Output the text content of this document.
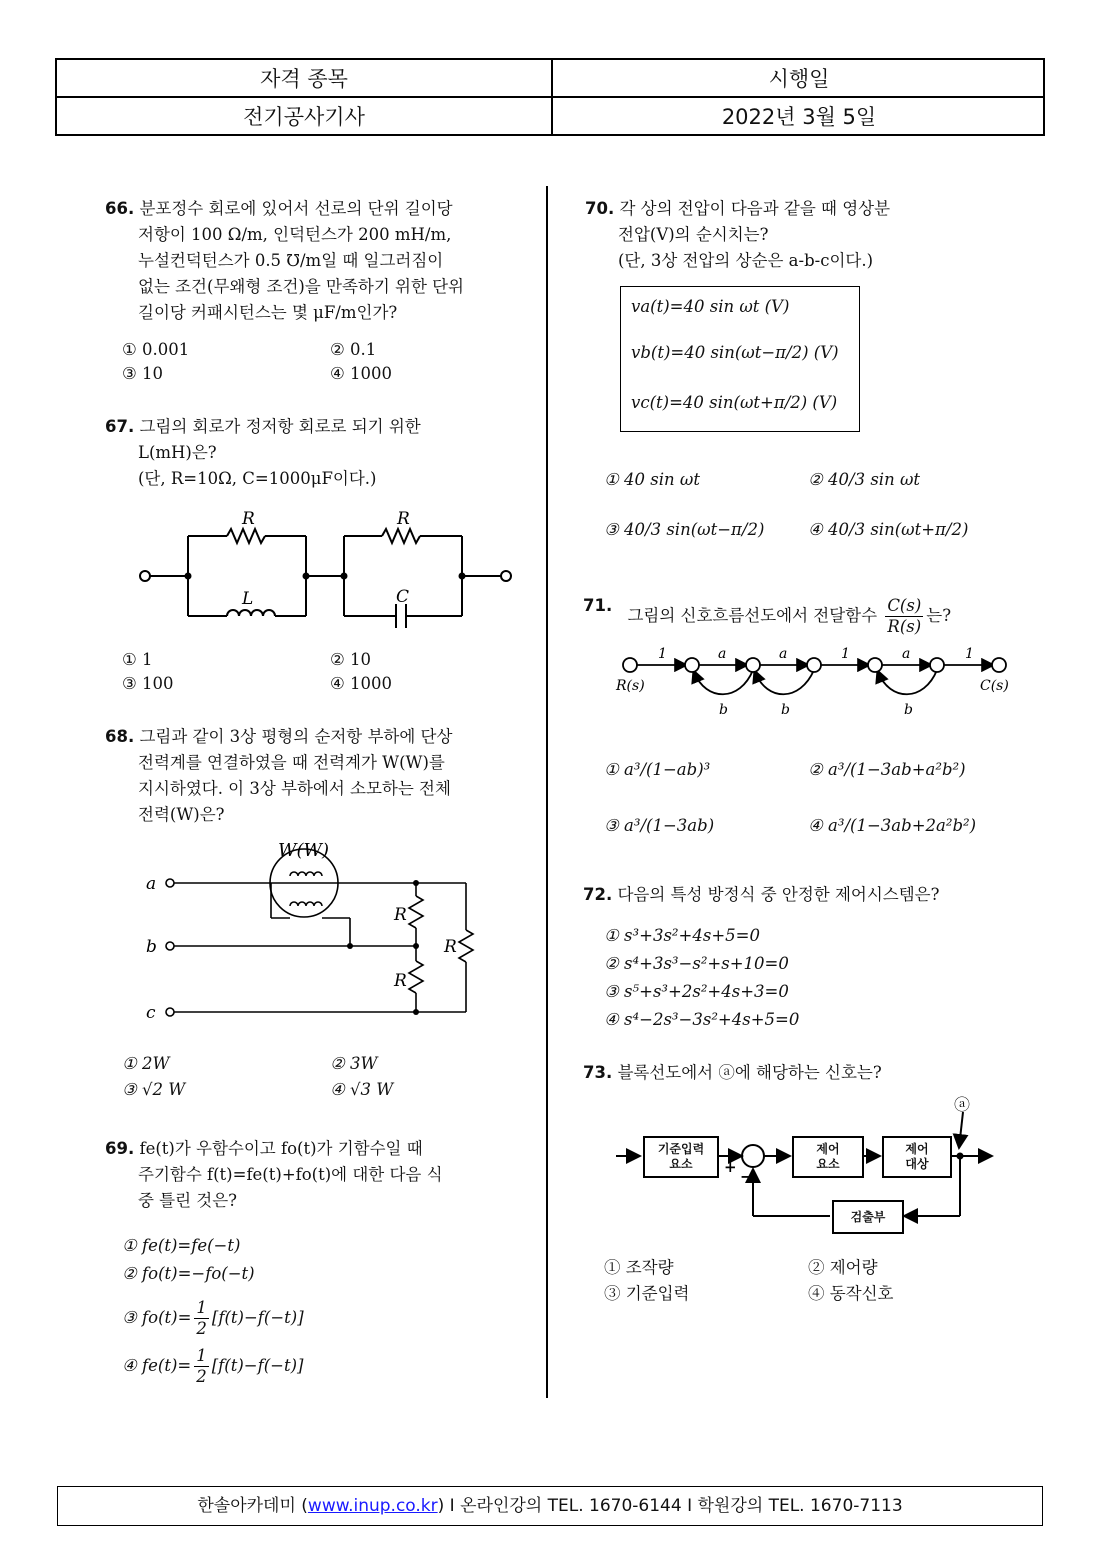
자격 종목	시행일
전기공사기사	2022년 3월 5일
66. 분포정수 회로에 있어서 선로의 단위 길이당
저항이 100 Ω/m, 인덕턴스가 200 mH/m,
누설컨덕턴스가 0.5 ℧/m일 때 일그러짐이
없는 조건(무왜형 조건)을 만족하기 위한 단위
길이당 커패시턴스는 몇 μF/m인가?
① 0.001	② 0.1
③ 10	④ 1000
67. 그림의 회로가 정저항 회로로 되기 위한
L(mH)은?
(단, R=10Ω, C=1000μF이다.)
R	R
L	C
① 1	② 10
③ 100	④ 1000
68. 그림과 같이 3상 평형의 순저항 부하에 단상
전력계를 연결하였을 때 전력계가 W(W)를
지시하였다. 이 3상 부하에서 소모하는 전체
전력(W)은?
W(W)
a
b
c
R
R
R
① 2W	② 3W
③ √2 W	④ √3 W
69. fe(t)가 우함수이고 fo(t)가 기함수일 때
주기함수 f(t)=fe(t)+fo(t)에 대한 다음 식
중 틀린 것은?
① fe(t)=fe(−t)
② fo(t)=−fo(−t)
③ $fo(t)= \frac{1}{2} [f(t)-f(-t)]$
④ $fe(t)= \frac{1}{2} [f(t)-f(-t)]$
70. 각 상의 전압이 다음과 같을 때 영상분
전압(V)의 순시치는?
(단, 3상 전압의 상순은 a-b-c이다.)
va(t)=40 sin ωt (V)
vb(t)=40 sin(ωt−π/2) (V)
vc(t)=40 sin(ωt+π/2) (V)
① 40 sin ωt	② 40/3 sin ωt
③ 40/3 sin(ωt−π/2)	④ 40/3 sin(ωt+π/2)
71. 그림의 신호흐름선도에서 전달함수 $\frac{C(s)}{R(s)}$ 는?
1	a	a	1	a	1
b	b	b
R(s)	C(s)
① a³/(1−ab)³	② a³/(1−3ab+a²b²)
③ a³/(1−3ab)	④ a³/(1−3ab+2a²b²)
72. 다음의 특성 방정식 중 안정한 제어시스템은?
① s³+3s²+4s+5=0
② s⁴+3s³−s²+s+10=0
③ s⁵+s³+2s²+4s+3=0
④ s⁴−2s³−3s²+4s+5=0
73. 블록선도에서 ⓐ에 해당하는 신호는?
+ −
ⓐ
기준입력
요소
제어
요소
제어
대상
검출부
① 조작량	② 제어량
③ 기준입력	④ 동작신호
한솔아카데미 (www.inup.co.kr) I 온라인강의 TEL. 1670-6144 I 학원강의 TEL. 1670-7113
